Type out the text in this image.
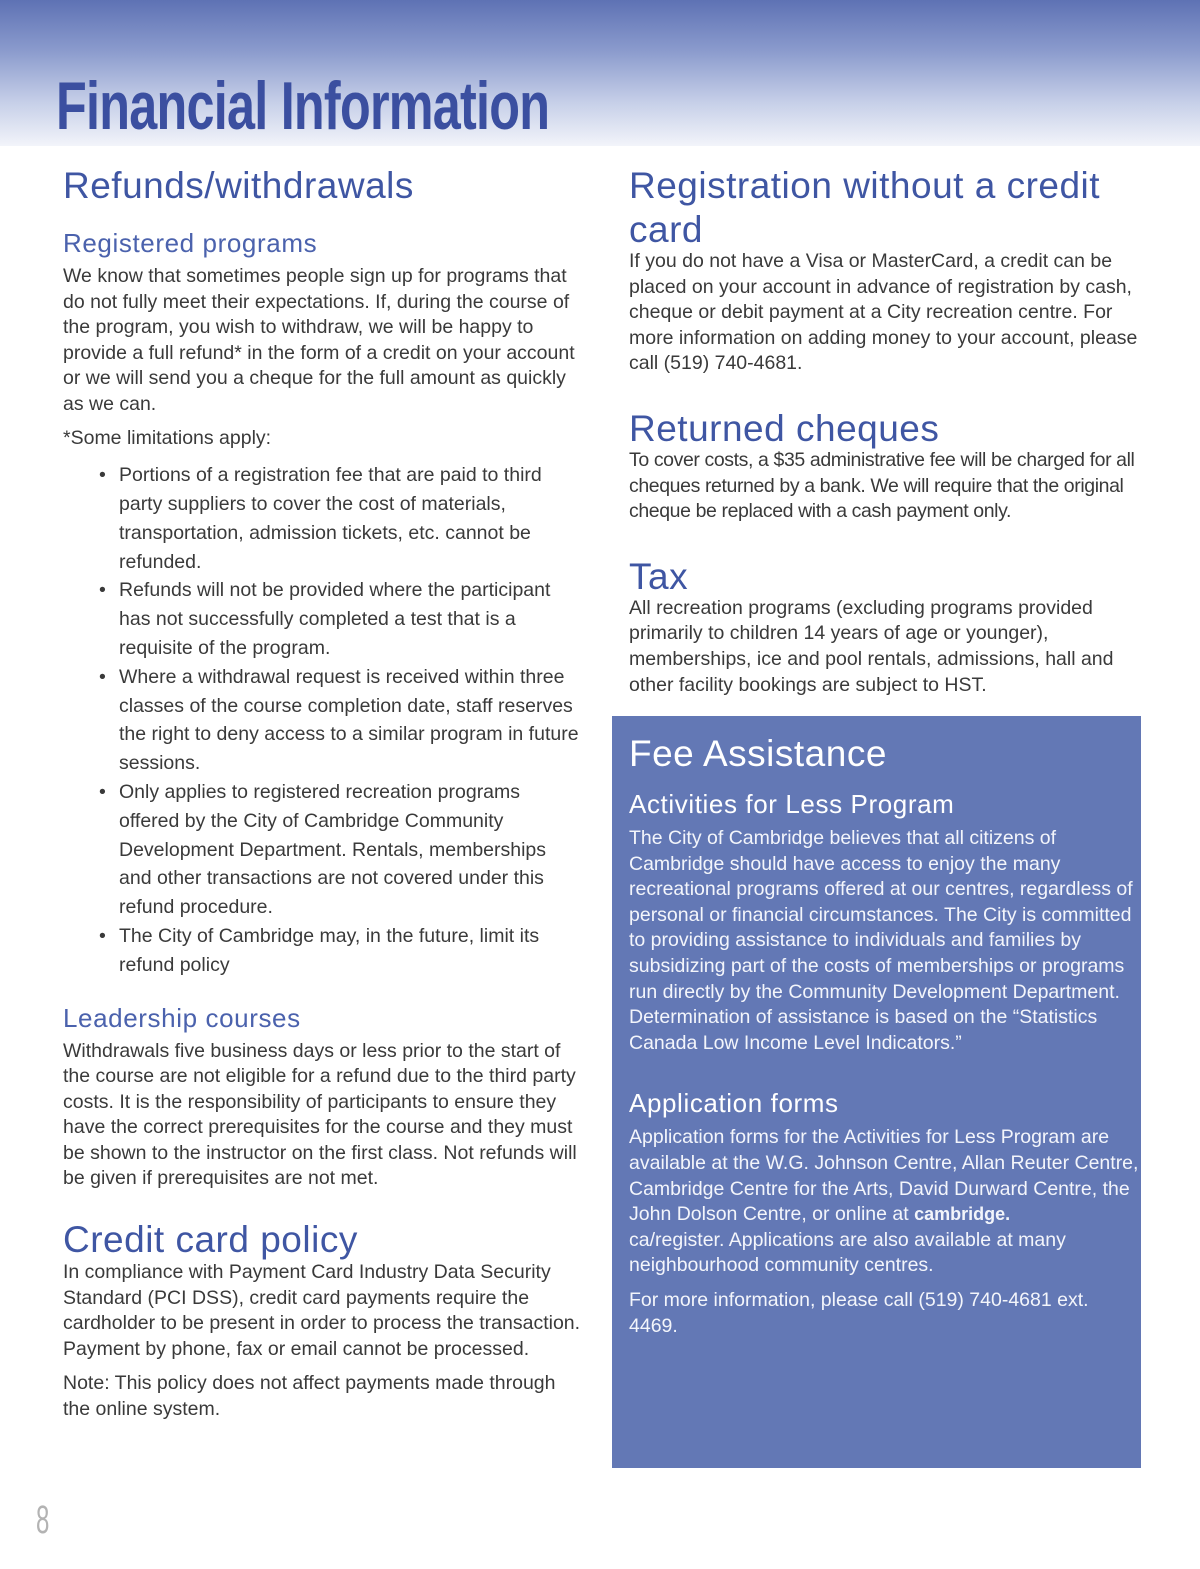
Financial Information
Refunds/withdrawals
Registered programs

We know that sometimes people sign up for programs that do not fully meet their expectations. If, during the course of the program, you wish to withdraw, we will be happy to provide a full refund* in the form of a credit on your account or we will send you a cheque for the full amount as quickly as we can.

*Some limitations apply:

• Portions of a registration fee that are paid to third party suppliers to cover the cost of materials, transportation, admission tickets, etc. cannot be refunded.
• Refunds will not be provided where the participant has not successfully completed a test that is a requisite of the program.
• Where a withdrawal request is received within three classes of the course completion date, staff reserves the right to deny access to a similar program in future sessions.
• Only applies to registered recreation programs offered by the City of Cambridge Community Development Department. Rentals, memberships and other transactions are not covered under this refund procedure.
• The City of Cambridge may, in the future, limit its refund policy
Leadership courses

Withdrawals five business days or less prior to the start of the course are not eligible for a refund due to the third party costs. It is the responsibility of participants to ensure they have the correct prerequisites for the course and they must be shown to the instructor on the first class. Not refunds will be given if prerequisites are not met.

Credit card policy

In compliance with Payment Card Industry Data Security Standard (PCI DSS), credit card payments require the cardholder to be present in order to process the transaction. Payment by phone, fax or email cannot be processed.

Note: This policy does not affect payments made through the online system.

Registration without a credit card

If you do not have a Visa or MasterCard, a credit can be placed on your account in advance of registration by cash, cheque or debit payment at a City recreation centre. For more information on adding money to your account, please call (519) 740-4681.

Returned cheques

To cover costs, a $35 administrative fee will be charged for all cheques returned by a bank. We will require that the original cheque be replaced with a cash payment only.

Tax

All recreation programs (excluding programs provided primarily to children 14 years of age or younger), memberships, ice and pool rentals, admissions, hall and other facility bookings are subject to HST.

Fee Assistance
Activities for Less Program

The City of Cambridge believes that all citizens of Cambridge should have access to enjoy the many recreational programs offered at our centres, regardless of personal or financial circumstances. The City is committed to providing assistance to individuals and families by subsidizing part of the costs of memberships or programs run directly by the Community Development Department. Determination of assistance is based on the “Statistics Canada Low Income Level Indicators.”

Application forms

Application forms for the Activities for Less Program are available at the W.G. Johnson Centre, Allan Reuter Centre, Cambridge Centre for the Arts, David Durward Centre, the John Dolson Centre, or online at cambridge.
ca/register. Applications are also available at many neighbourhood community centres.

For more information, please call (519) 740-4681 ext. 4469.

8
